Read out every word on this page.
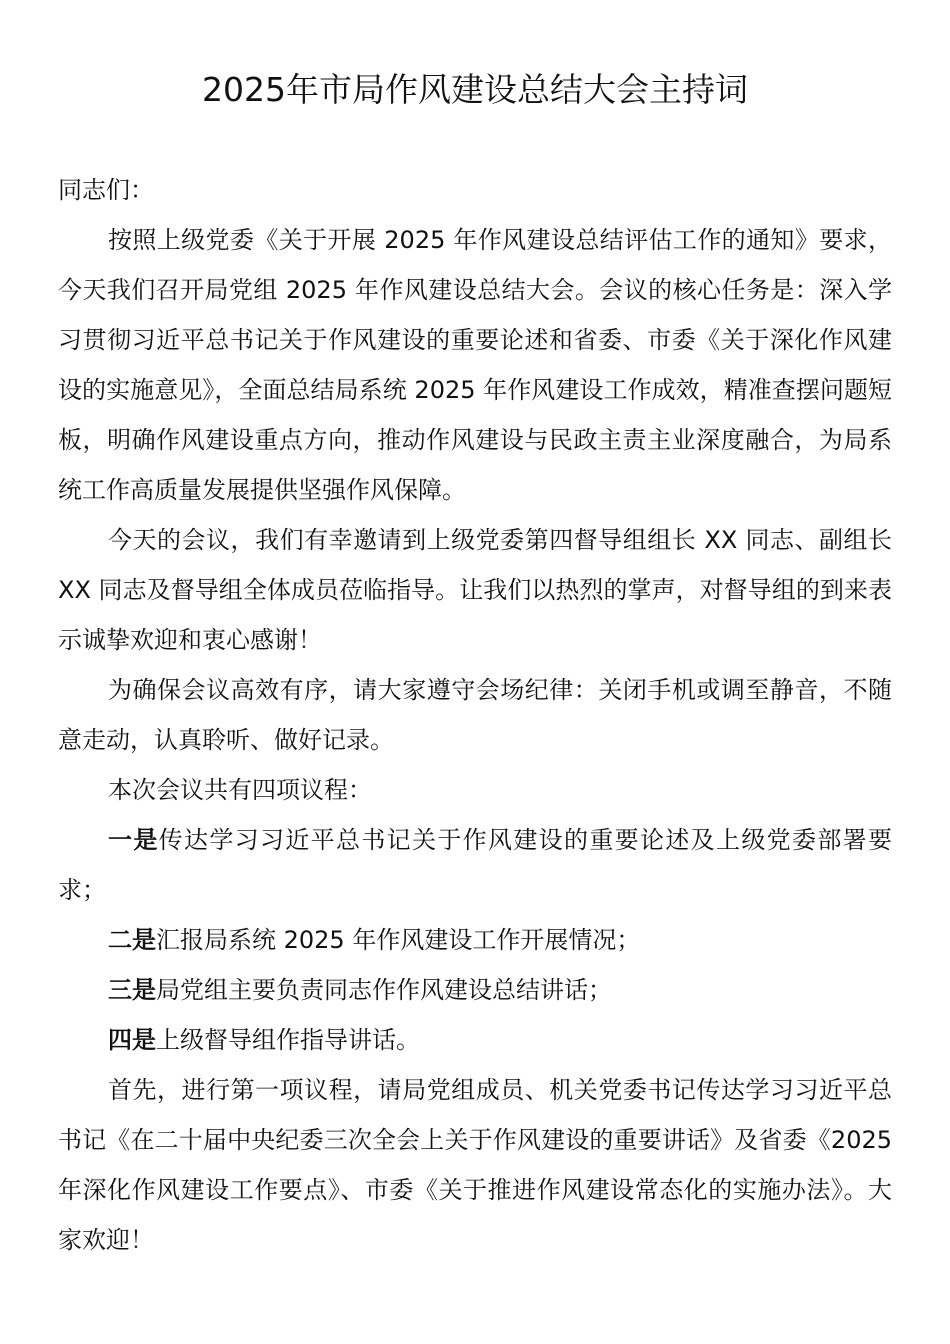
2025年市局作风建设总结大会主持词

同志们：

按照上级党委《关于开展 2025 年作风建设总结评估工作的通知》要求，今天我们召开局党组 2025 年作风建设总结大会。会议的核心任务是：深入学习贯彻习近平总书记关于作风建设的重要论述和省委、市委《关于深化作风建设的实施意见》，全面总结局系统 2025 年作风建设工作成效，精准查摆问题短板，明确作风建设重点方向，推动作风建设与民政主责主业深度融合，为局系统工作高质量发展提供坚强作风保障。

今天的会议，我们有幸邀请到上级党委第四督导组组长 XX 同志、副组长 XX 同志及督导组全体成员莅临指导。让我们以热烈的掌声，对督导组的到来表示诚挚欢迎和衷心感谢！

为确保会议高效有序，请大家遵守会场纪律：关闭手机或调至静音，不随意走动，认真聆听、做好记录。

本次会议共有四项议程：

一是传达学习习近平总书记关于作风建设的重要论述及上级党委部署要求；

二是汇报局系统 2025 年作风建设工作开展情况；

三是局党组主要负责同志作作风建设总结讲话；

四是上级督导组作指导讲话。

首先，进行第一项议程，请局党组成员、机关党委书记传达学习习近平总书记《在二十届中央纪委三次全会上关于作风建设的重要讲话》及省委《2025 年深化作风建设工作要点》、市委《关于推进作风建设常态化的实施办法》。大家欢迎！
